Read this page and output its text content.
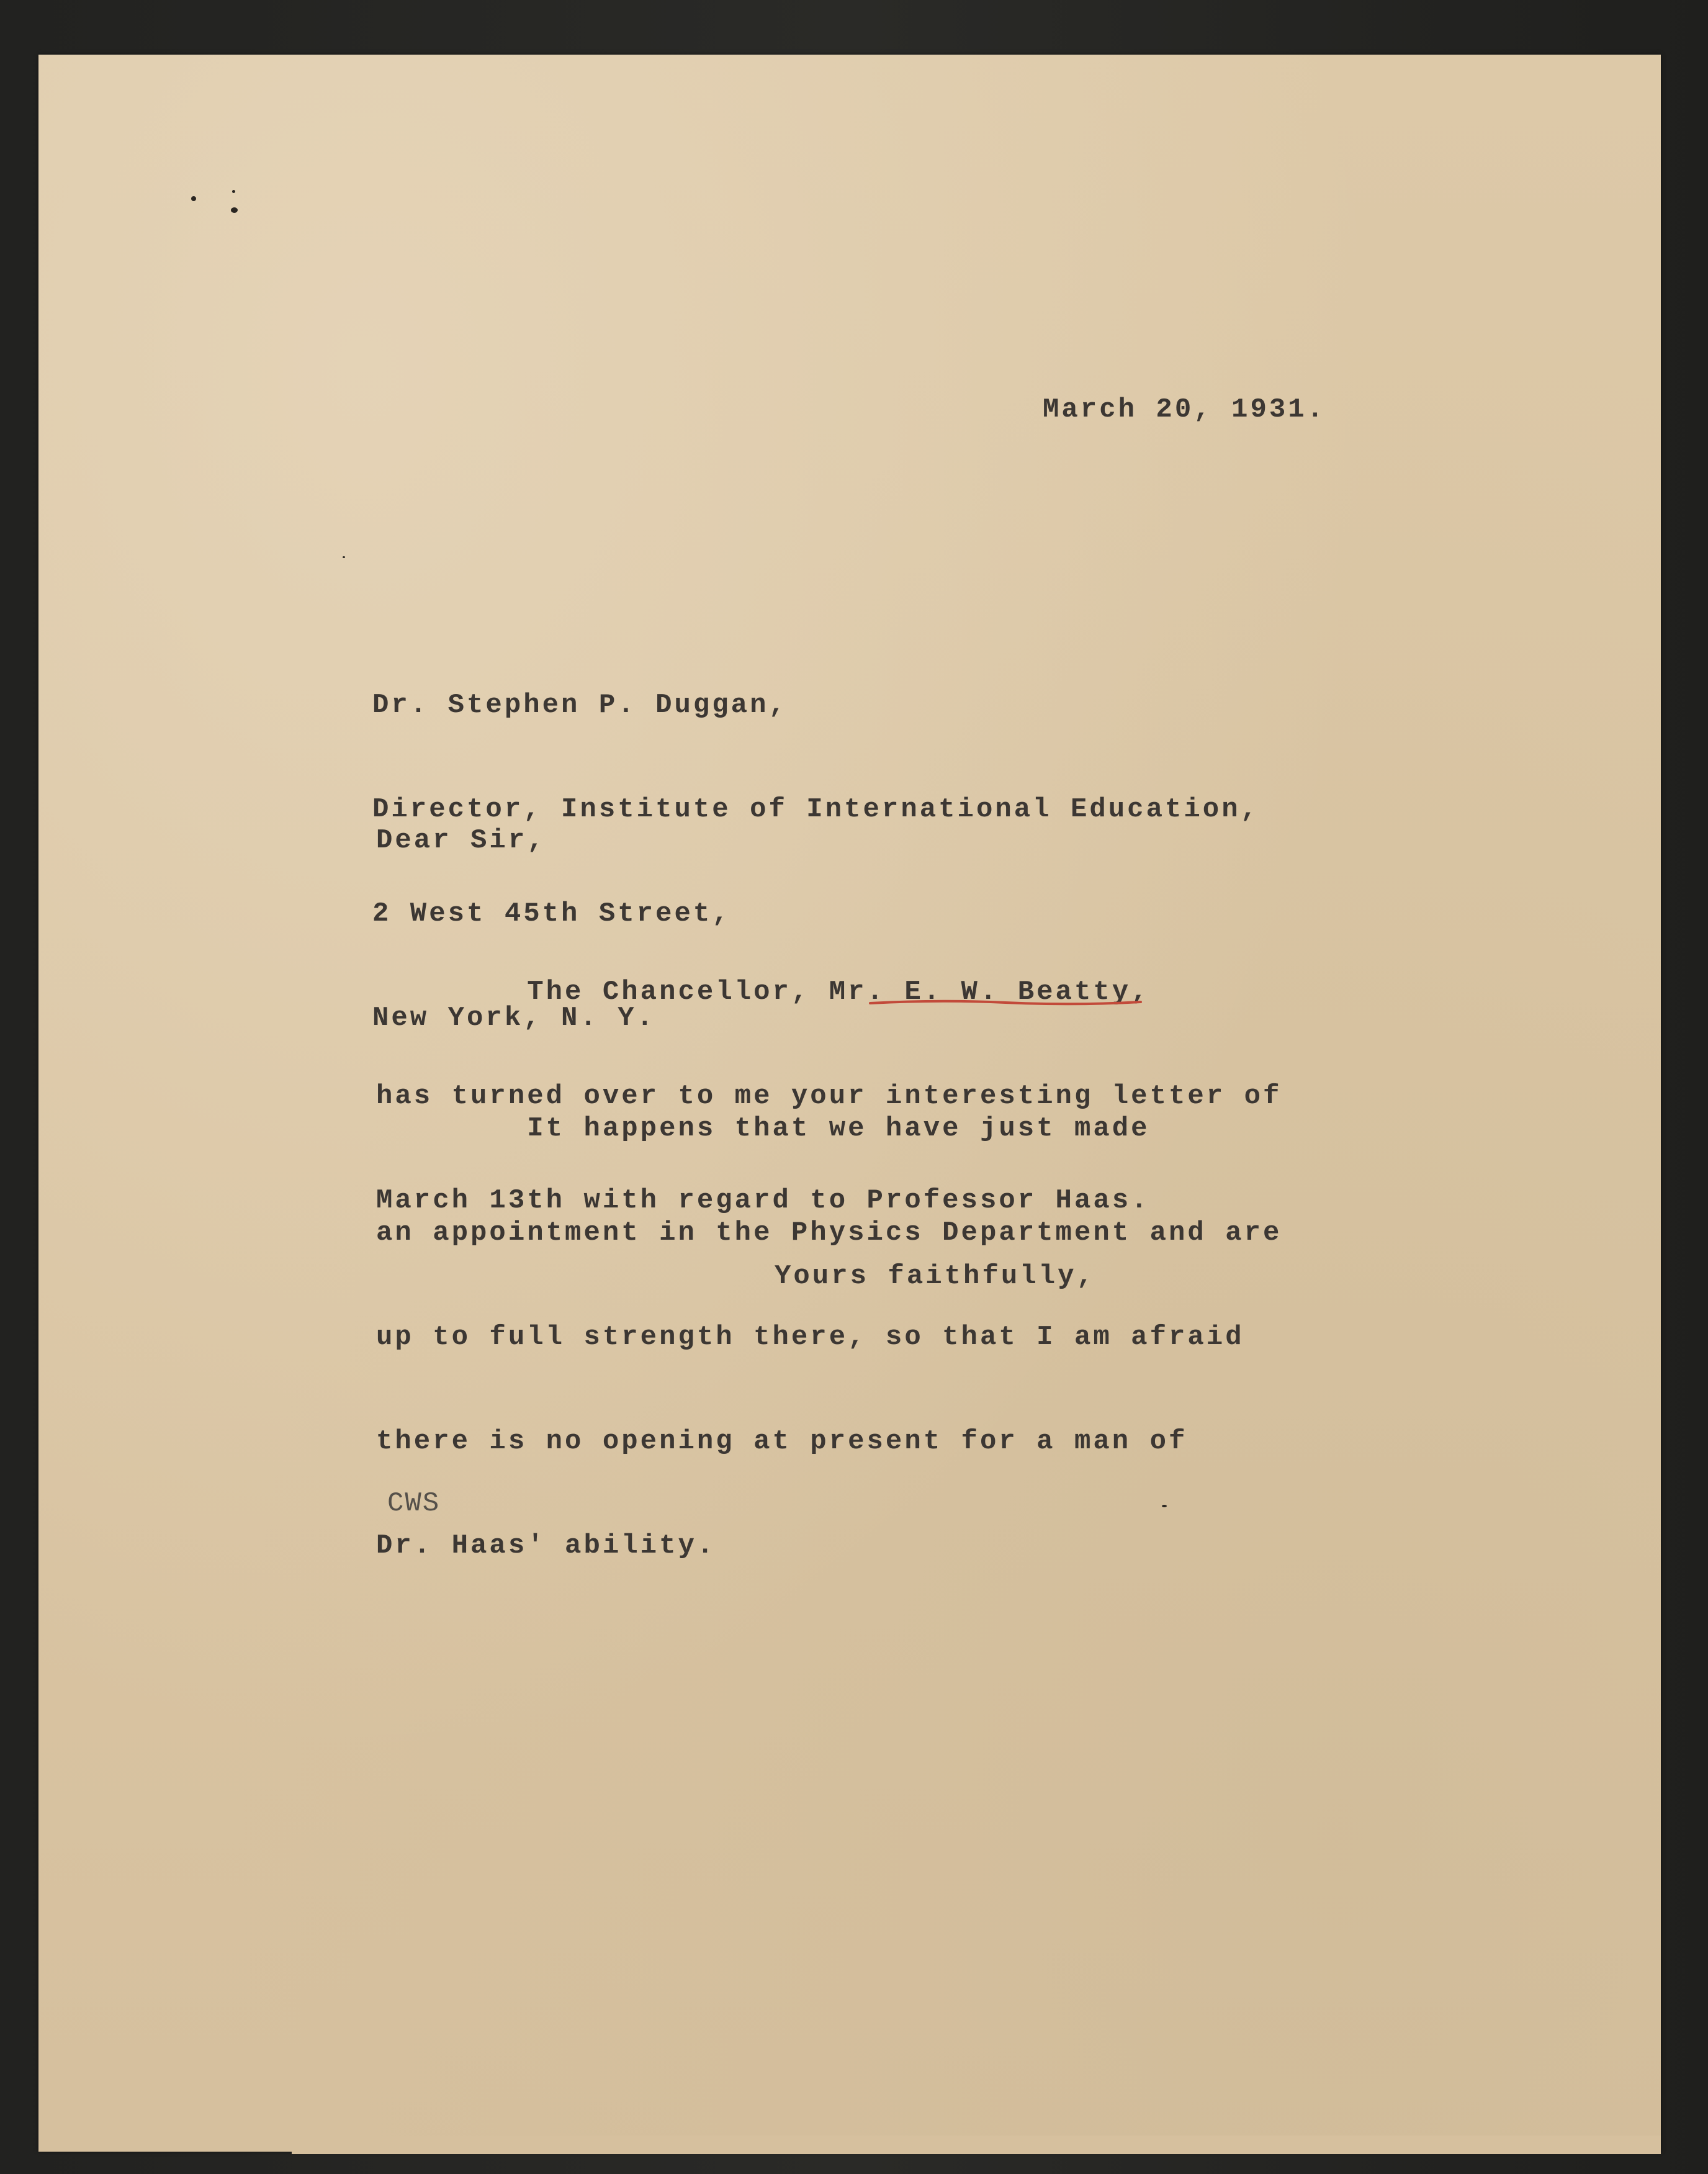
March 20, 1931.

Dr. Stephen P. Duggan,

Director, Institute of International Education,

2 West 45th Street,

New York, N. Y.

Dear Sir,

The Chancellor, Mr. E. W. Beatty,

has turned over to me your interesting letter of

March 13th with regard to Professor Haas.

It happens that we have just made

an appointment in the Physics Department and are

up to full strength there, so that I am afraid

there is no opening at present for a man of

Dr. Haas' ability.

Yours faithfully,

CWS
